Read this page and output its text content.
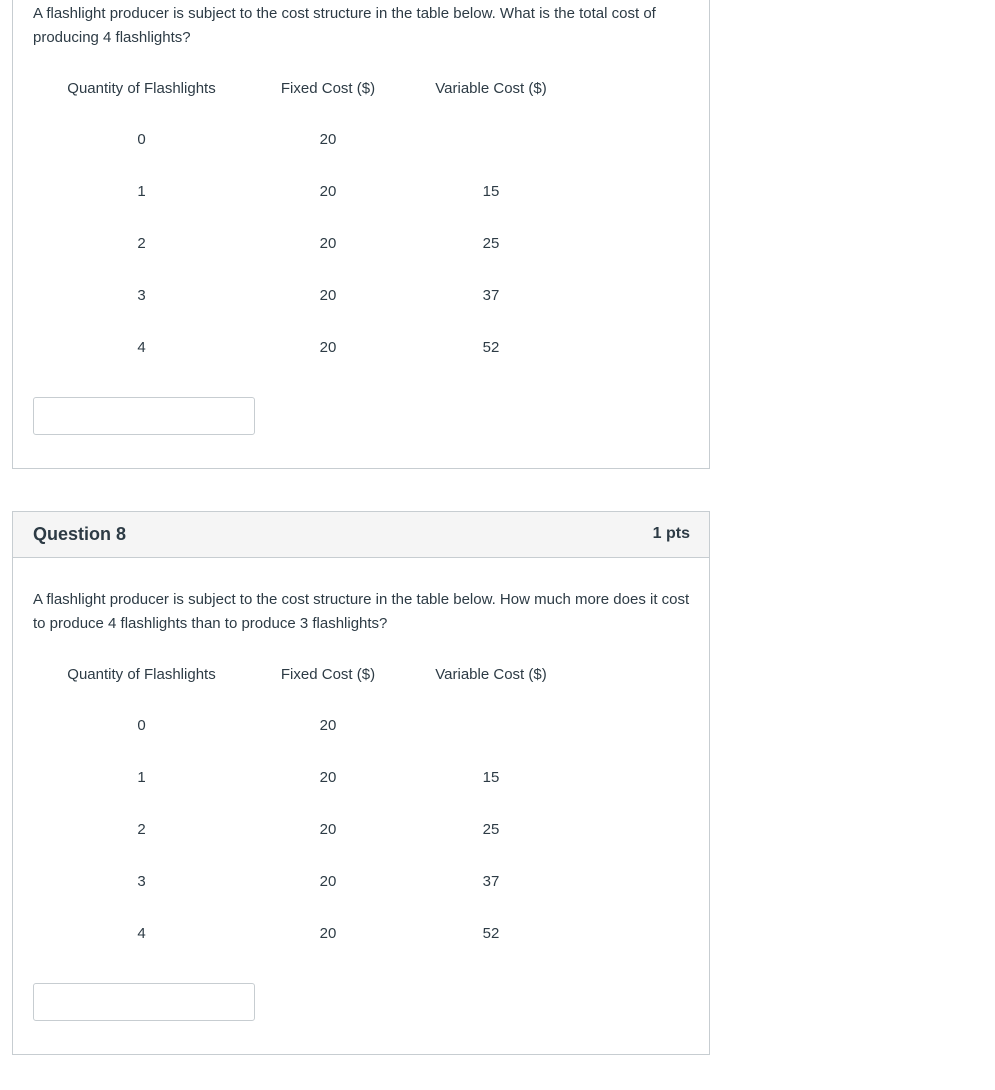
A flashlight producer is subject to the cost structure in the table below. What is the total cost of producing 4 flashlights?

Quantity of Flashlights	Fixed Cost ($)	Variable Cost ($)
0	20	
1	20	15
2	20	25
3	20	37
4	20	52
Question 8	1 pts

A flashlight producer is subject to the cost structure in the table below. How much more does it cost to produce 4 flashlights than to produce 3 flashlights?

Quantity of Flashlights	Fixed Cost ($)	Variable Cost ($)
0	20	
1	20	15
2	20	25
3	20	37
4	20	52
